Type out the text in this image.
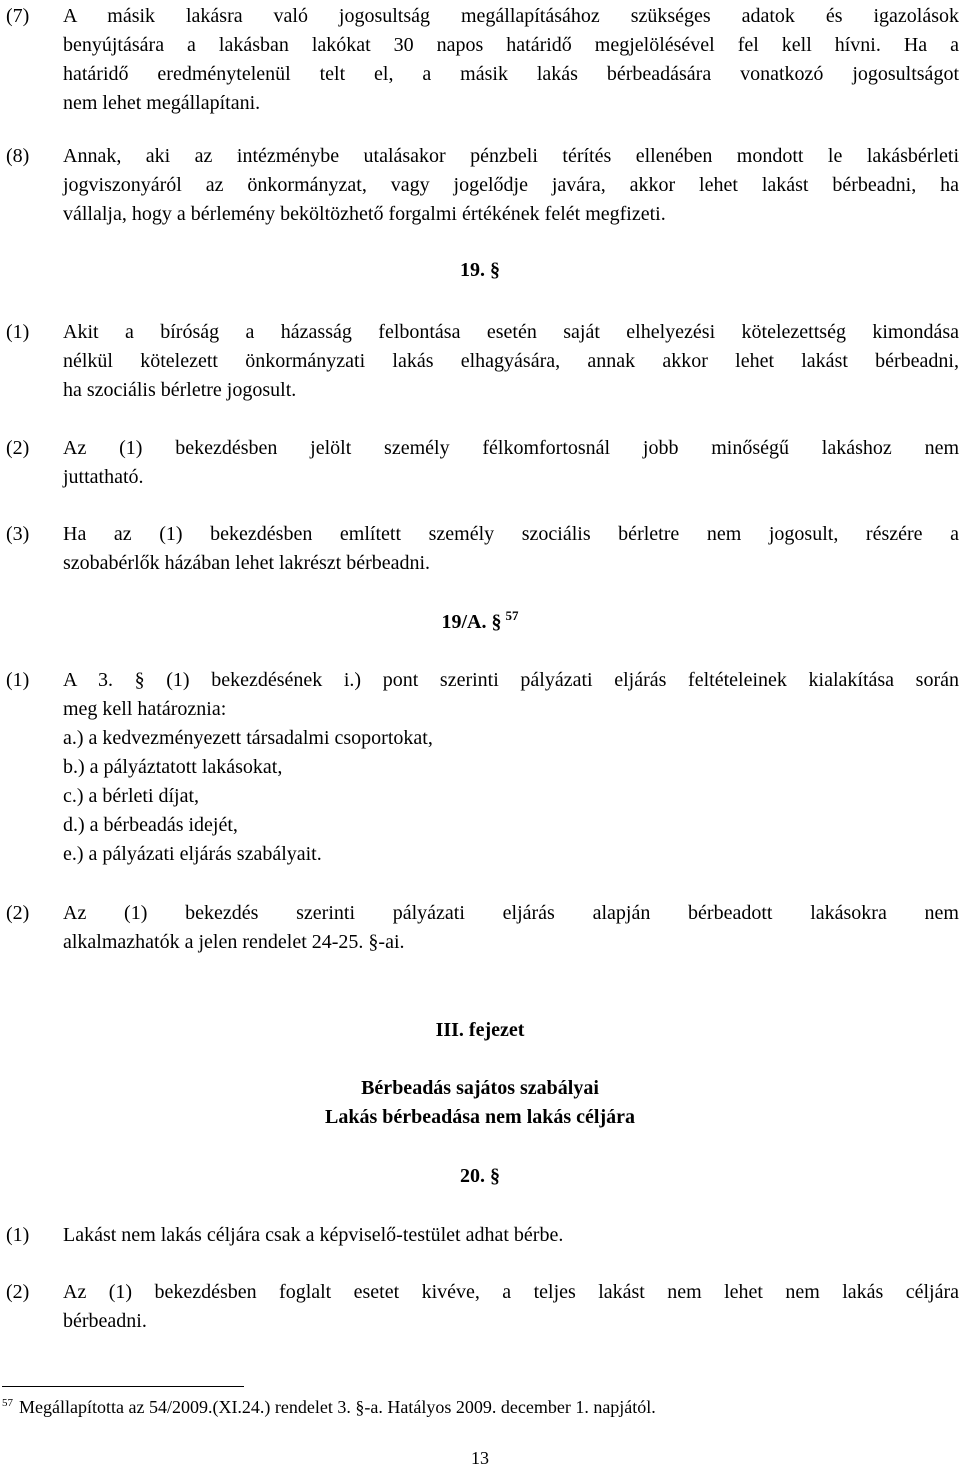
(7) A másik lakásra való jogosultság megállapításához szükséges adatok és igazolások
benyújtására a lakásban lakókat 30 napos határidő megjelölésével fel kell hívni. Ha a
határidő eredménytelenül telt el, a másik lakás bérbeadására vonatkozó jogosultságot
nem lehet megállapítani.
(8) Annak, aki az intézménybe utalásakor pénzbeli térítés ellenében mondott le lakásbérleti
jogviszonyáról az önkormányzat, vagy jogelődje javára, akkor lehet lakást bérbeadni, ha
vállalja, hogy a bérlemény beköltözhető forgalmi értékének felét megfizeti.
19. §
(1) Akit a bíróság a házasság felbontása esetén saját elhelyezési kötelezettség kimondása
nélkül kötelezett önkormányzati lakás elhagyására, annak akkor lehet lakást bérbeadni,
ha szociális bérletre jogosult.
(2) Az (1) bekezdésben jelölt személy félkomfortosnál jobb minőségű lakáshoz nem
juttatható.
(3) Ha az (1) bekezdésben említett személy szociális bérletre nem jogosult, részére a
szobabérlők házában lehet lakrészt bérbeadni.
19/A. § $^{57}$
(1) A 3. § (1) bekezdésének i.) pont szerinti pályázati eljárás feltételeinek kialakítása során
meg kell határoznia:
a.) a kedvezményezett társadalmi csoportokat,
b.) a pályáztatott lakásokat,
c.) a bérleti díjat,
d.) a bérbeadás idejét,
e.) a pályázati eljárás szabályait.
(2) Az (1) bekezdés szerinti pályázati eljárás alapján bérbeadott lakásokra nem
alkalmazhatók a jelen rendelet 24-25. §-ai.
III. fejezet
Bérbeadás sajátos szabályai
Lakás bérbeadása nem lakás céljára
20. §
(1) Lakást nem lakás céljára csak a képviselő-testület adhat bérbe.
(2) Az (1) bekezdésben foglalt esetet kivéve, a teljes lakást nem lehet nem lakás céljára
bérbeadni.
$^{57}$ Megállapította az 54/2009.(XI.24.) rendelet 3. §-a. Hatályos 2009. december 1. napjától.
13
